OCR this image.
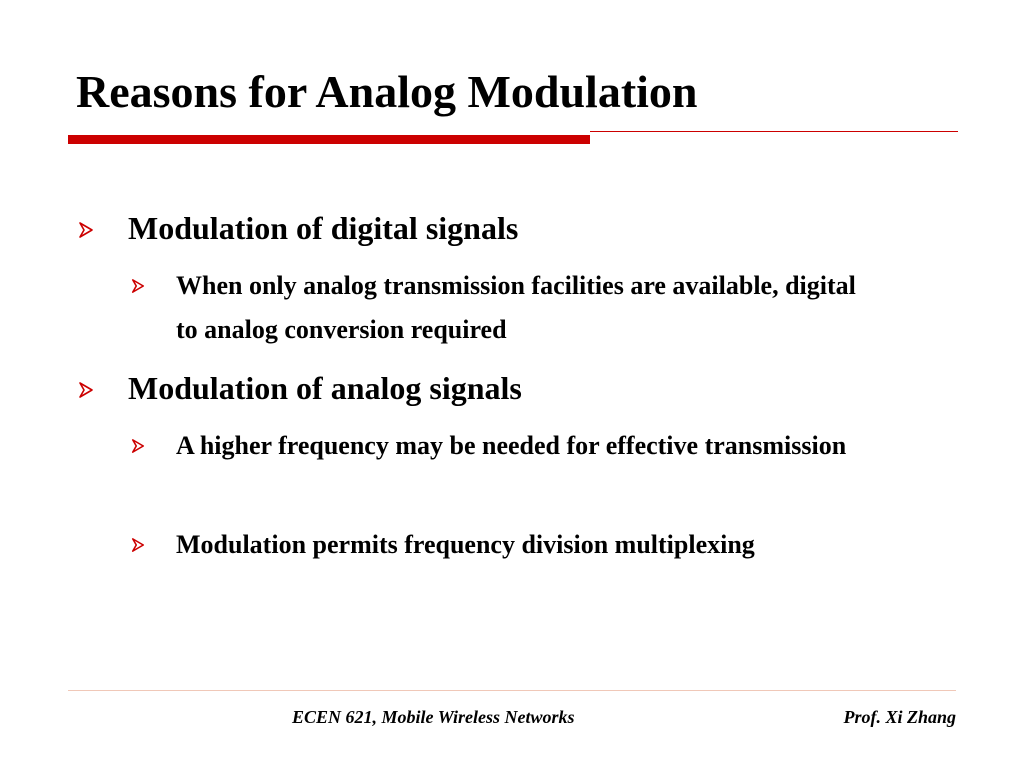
Reasons for Analog Modulation
Modulation of digital signals
When only analog transmission facilities are available, digital to analog conversion required
Modulation of analog signals
A higher frequency may be needed for effective transmission
Modulation permits frequency division multiplexing
ECEN 621, Mobile Wireless Networks	Prof. Xi Zhang
